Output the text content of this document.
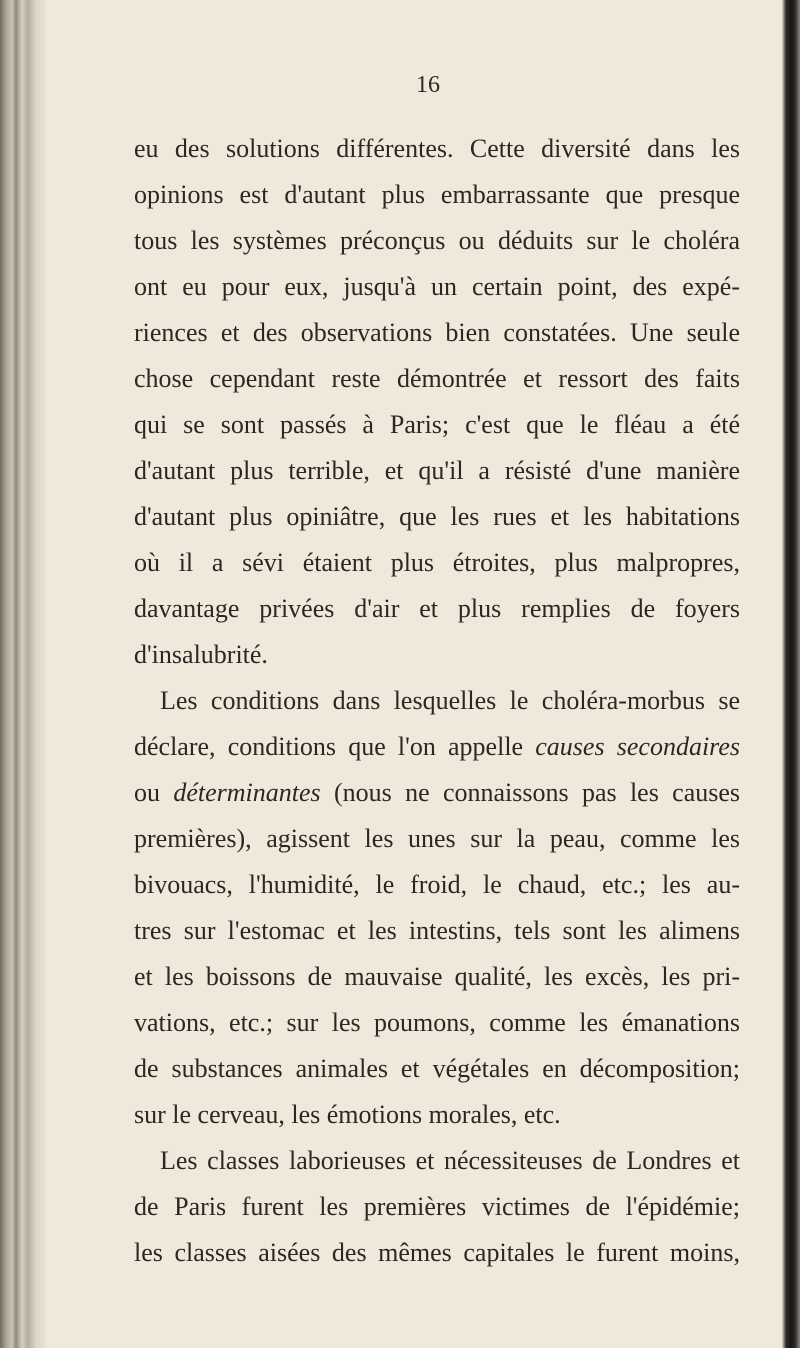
16
eu des solutions différentes. Cette diversité dans les
opinions est d'autant plus embarrassante que presque
tous les systèmes préconçus ou déduits sur le choléra
ont eu pour eux, jusqu'à un certain point, des expé-
riences et des observations bien constatées. Une seule
chose cependant reste démontrée et ressort des faits
qui se sont passés à Paris; c'est que le fléau a été
d'autant plus terrible, et qu'il a résisté d'une manière
d'autant plus opiniâtre, que les rues et les habitations
où il a sévi étaient plus étroites, plus malpropres,
davantage privées d'air et plus remplies de foyers
d'insalubrité.
Les conditions dans lesquelles le choléra-morbus se
déclare, conditions que l'on appelle causes secondaires
ou déterminantes (nous ne connaissons pas les causes
premières), agissent les unes sur la peau, comme les
bivouacs, l'humidité, le froid, le chaud, etc.; les au-
tres sur l'estomac et les intestins, tels sont les alimens
et les boissons de mauvaise qualité, les excès, les pri-
vations, etc.; sur les poumons, comme les émanations
de substances animales et végétales en décomposition;
sur le cerveau, les émotions morales, etc.
Les classes laborieuses et nécessiteuses de Londres et
de Paris furent les premières victimes de l'épidémie;
les classes aisées des mêmes capitales le furent moins,
